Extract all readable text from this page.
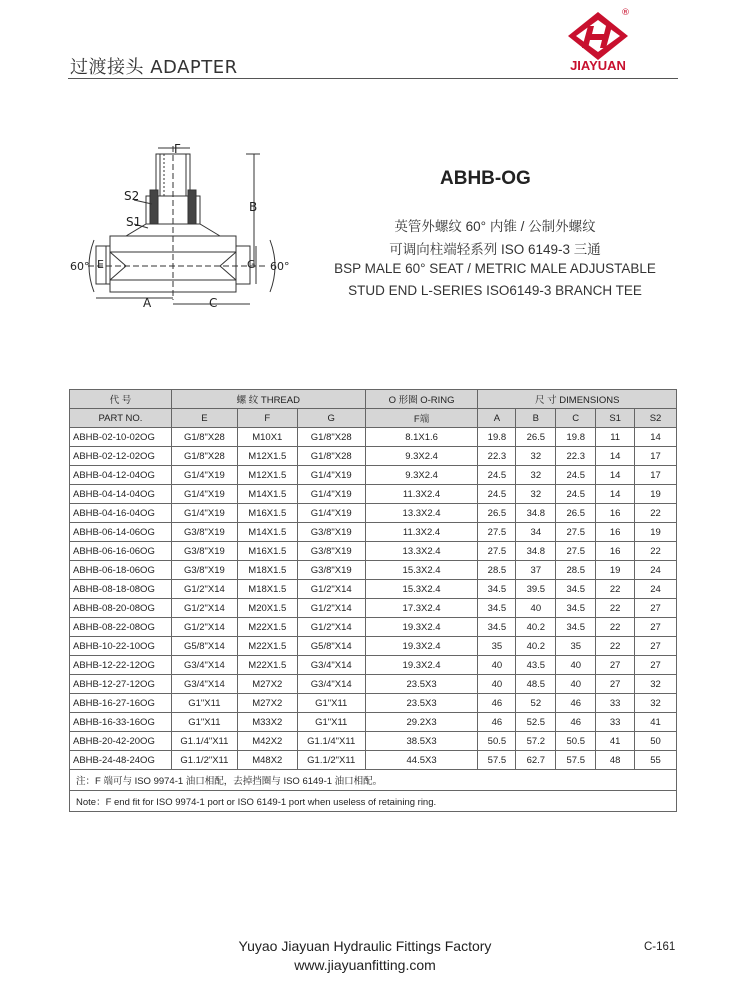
过渡接头 ADAPTER
®
JIAYUAN
ABHB-OG
英管外螺纹 60° 内锥 / 公制外螺纹
可调向柱端轻系列 ISO 6149-3 三通
BSP MALE 60° SEAT / METRIC MALE ADJUSTABLE
STUD END L-SERIES ISO6149-3 BRANCH TEE
F
S2
S1
B
E	G
A	C
60°	60°
代 号	螺 纹 THREAD			O 形圈 O-RING	尺 寸 DIMENSIONS				
PART NO.	E	F	G	F端	A	B	C	S1	S2
ABHB-02-10-02OG	G1/8"X28	M10X1	G1/8"X28	8.1X1.6	19.8	26.5	19.8	11	14
ABHB-02-12-02OG	G1/8"X28	M12X1.5	G1/8"X28	9.3X2.4	22.3	32	22.3	14	17
ABHB-04-12-04OG	G1/4"X19	M12X1.5	G1/4"X19	9.3X2.4	24.5	32	24.5	14	17
ABHB-04-14-04OG	G1/4"X19	M14X1.5	G1/4"X19	11.3X2.4	24.5	32	24.5	14	19
ABHB-04-16-04OG	G1/4"X19	M16X1.5	G1/4"X19	13.3X2.4	26.5	34.8	26.5	16	22
ABHB-06-14-06OG	G3/8"X19	M14X1.5	G3/8"X19	11.3X2.4	27.5	34	27.5	16	19
ABHB-06-16-06OG	G3/8"X19	M16X1.5	G3/8"X19	13.3X2.4	27.5	34.8	27.5	16	22
ABHB-06-18-06OG	G3/8"X19	M18X1.5	G3/8"X19	15.3X2.4	28.5	37	28.5	19	24
ABHB-08-18-08OG	G1/2"X14	M18X1.5	G1/2"X14	15.3X2.4	34.5	39.5	34.5	22	24
ABHB-08-20-08OG	G1/2"X14	M20X1.5	G1/2"X14	17.3X2.4	34.5	40	34.5	22	27
ABHB-08-22-08OG	G1/2"X14	M22X1.5	G1/2"X14	19.3X2.4	34.5	40.2	34.5	22	27
ABHB-10-22-10OG	G5/8"X14	M22X1.5	G5/8"X14	19.3X2.4	35	40.2	35	22	27
ABHB-12-22-12OG	G3/4"X14	M22X1.5	G3/4"X14	19.3X2.4	40	43.5	40	27	27
ABHB-12-27-12OG	G3/4"X14	M27X2	G3/4"X14	23.5X3	40	48.5	40	27	32
ABHB-16-27-16OG	G1"X11	M27X2	G1"X11	23.5X3	46	52	46	33	32
ABHB-16-33-16OG	G1"X11	M33X2	G1"X11	29.2X3	46	52.5	46	33	41
ABHB-20-42-20OG	G1.1/4"X11	M42X2	G1.1/4"X11	38.5X3	50.5	57.2	50.5	41	50
ABHB-24-48-24OG	G1.1/2"X11	M48X2	G1.1/2"X11	44.5X3	57.5	62.7	57.5	48	55
注：F 端可与 ISO 9974-1 油口相配，去掉挡圈与 ISO 6149-1 油口相配。									
Note：F end fit for ISO 9974-1 port or ISO 6149-1 port when useless of retaining ring.									
Yuyao Jiayuan Hydraulic Fittings Factory
www.jiayuanfitting.com
C-161
